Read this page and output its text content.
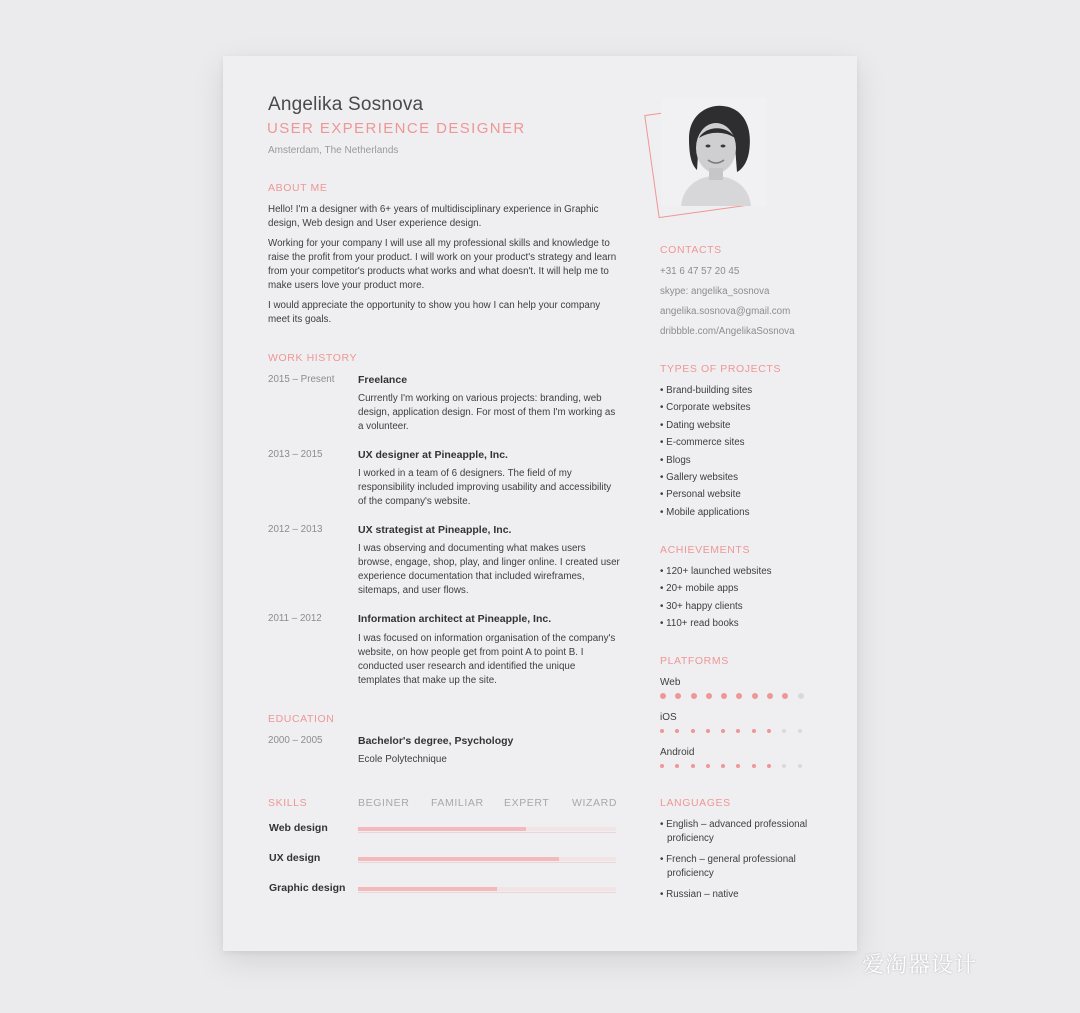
Angelika Sosnova
USER EXPERIENCE DESIGNER
Amsterdam, The Netherlands
ABOUT ME

Hello! I'm a designer with 6+ years of multidisciplinary experience in Graphic design, Web design and User experience design.

Working for your company I will use all my professional skills and knowledge to raise the profit from your product. I will work on your product's strategy and learn from your competitor's products what works and what doesn't. It will help me to make users love your product more.

I would appreciate the opportunity to show you how I can help your company meet its goals.

WORK HISTORY
2015 – Present Freelance
Currently I'm working on various projects: branding, web design, application design. For most of them I'm working as a volunteer.
2013 – 2015	UX designer at Pineapple, Inc.
I worked in a team of 6 designers. The field of my responsibility included improving usability and accessibility of the company's website.
2012 – 2013	UX strategist at Pineapple, Inc.
I was observing and documenting what makes users browse, engage, shop, play, and linger online. I created user experience documentation that included wireframes, sitemaps, and user flows.
2011 – 2012	Information architect at Pineapple, Inc.
I was focused on information organisation of the company's website, on how people get from point A to point B. I conducted user research and identified the unique templates that make up the site.
EDUCATION
2000 – 2005	Bachelor's degree, Psychology
Ecole Polytechnique
SKILLS	BEGINER FAMILIAR EXPERT WIZARD
Web design
UX design
Graphic design
CONTACTS
+31 6 47 57 20 45
skype: angelika_sosnova
angelika.sosnova@gmail.com
dribbble.com/AngelikaSosnova
TYPES OF PROJECTS
• Brand-building sites
• Corporate websites
• Dating website
• E-commerce sites
• Blogs
• Gallery websites
• Personal website
• Mobile applications
ACHIEVEMENTS
• 120+ launched websites
• 20+ mobile apps
• 30+ happy clients
• 110+ read books
PLATFORMS
Web
iOS
Android
LANGUAGES
• English – advanced professional proficiency
• French – general professional proficiency
• Russian – native
爱淘器设计
